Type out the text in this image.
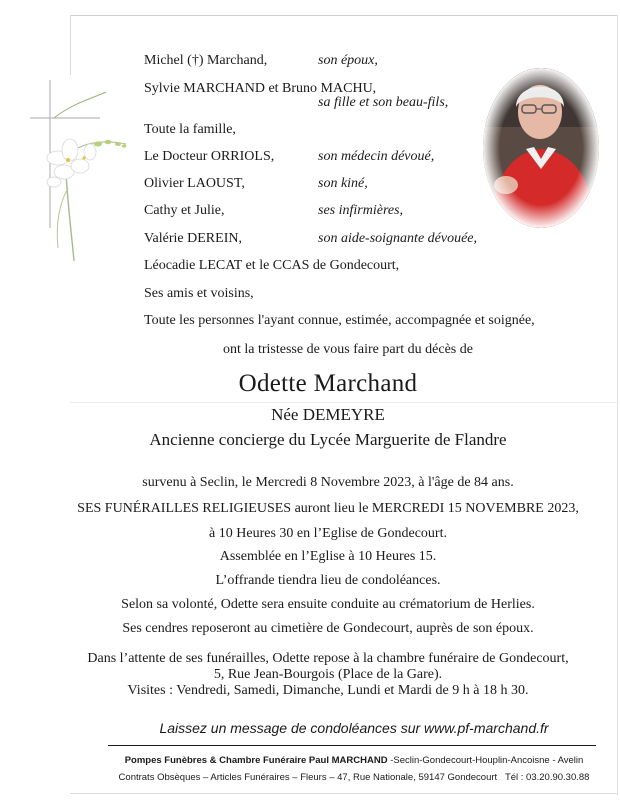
Michel (†) Marchand,	son époux,
Sylvie MARCHAND et Bruno MACHU,
sa fille et son beau-fils,
Toute la famille,
Le Docteur ORRIOLS,	son médecin dévoué,
Olivier LAOUST,	son kiné,
Cathy et Julie,	ses infirmières,
Valérie DEREIN,	son aide-soignante dévouée,
Léocadie LECAT et le CCAS de Gondecourt,
Ses amis et voisins,
Toute les personnes l'ayant connue, estimée, accompagnée et soignée,
ont la tristesse de vous faire part du décès de
Odette Marchand
Née DEMEYRE
Ancienne concierge du Lycée Marguerite de Flandre
survenu à Seclin, le Mercredi 8 Novembre 2023, à l'âge de 84 ans.
SES FUNÉRAILLES RELIGIEUSES auront lieu le MERCREDI 15 NOVEMBRE 2023,
à 10 Heures 30 en l’Eglise de Gondecourt.
Assemblée en l’Eglise à 10 Heures 15.
L’offrande tiendra lieu de condoléances.
Selon sa volonté, Odette sera ensuite conduite au crématorium de Herlies.
Ses cendres reposeront au cimetière de Gondecourt, auprès de son époux.
Dans l’attente de ses funérailles, Odette repose à la chambre funéraire de Gondecourt,
5, Rue Jean-Bourgois (Place de la Gare).
Visites : Vendredi, Samedi, Dimanche, Lundi et Mardi de 9 h à 18 h 30.
Laissez un message de condoléances sur www.pf-marchand.fr
Pompes Funèbres & Chambre Funéraire Paul MARCHAND -Seclin-Gondecourt-Houplin-Ancoisne - Avelin
Contrats Obsèques – Articles Funéraires – Fleurs – 47, Rue Nationale, 59147 Gondecourt Tél : 03.20.90.30.88
